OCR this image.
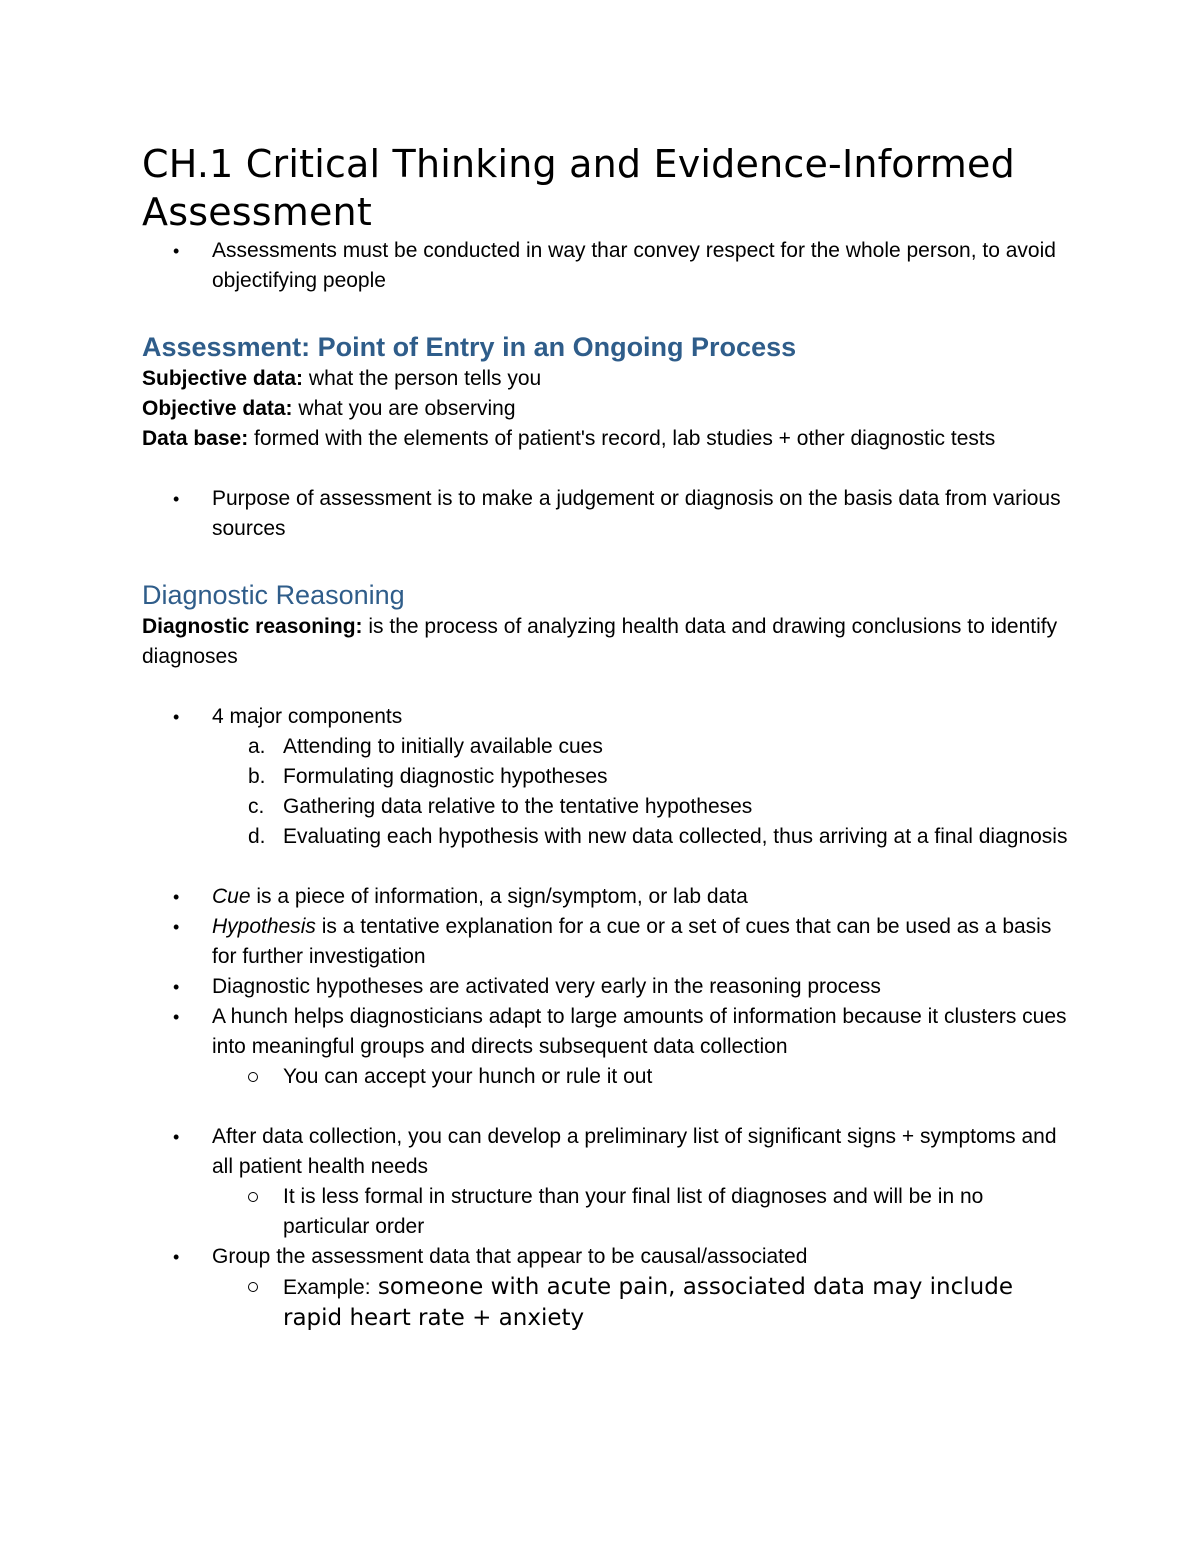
CH.1 Critical Thinking and Evidence-Informed Assessment
• Assessments must be conducted in way thar convey respect for the whole person, to avoid objectifying people
Assessment: Point of Entry in an Ongoing Process

Subjective data: what the person tells you

Objective data: what you are observing

Data base: formed with the elements of patient's record, lab studies + other diagnostic tests

• Purpose of assessment is to make a judgement or diagnosis on the basis data from various sources
Diagnostic Reasoning

Diagnostic reasoning: is the process of analyzing health data and drawing conclusions to identify diagnoses

• 4 major components
a. Attending to initially available cues
b. Formulating diagnostic hypotheses
c. Gathering data relative to the tentative hypotheses
d. Evaluating each hypothesis with new data collected, thus arriving at a final diagnosis
• Cue is a piece of information, a sign/symptom, or lab data
• Hypothesis is a tentative explanation for a cue or a set of cues that can be used as a basis for further investigation
• Diagnostic hypotheses are activated very early in the reasoning process
• A hunch helps diagnosticians adapt to large amounts of information because it clusters cues into meaningful groups and directs subsequent data collection
You can accept your hunch or rule it out
• After data collection, you can develop a preliminary list of significant signs + symptoms and all patient health needs
It is less formal in structure than your final list of diagnoses and will be in no particular order
• Group the assessment data that appear to be causal/associated
Example: someone with acute pain, associated data may include rapid heart rate + anxiety
